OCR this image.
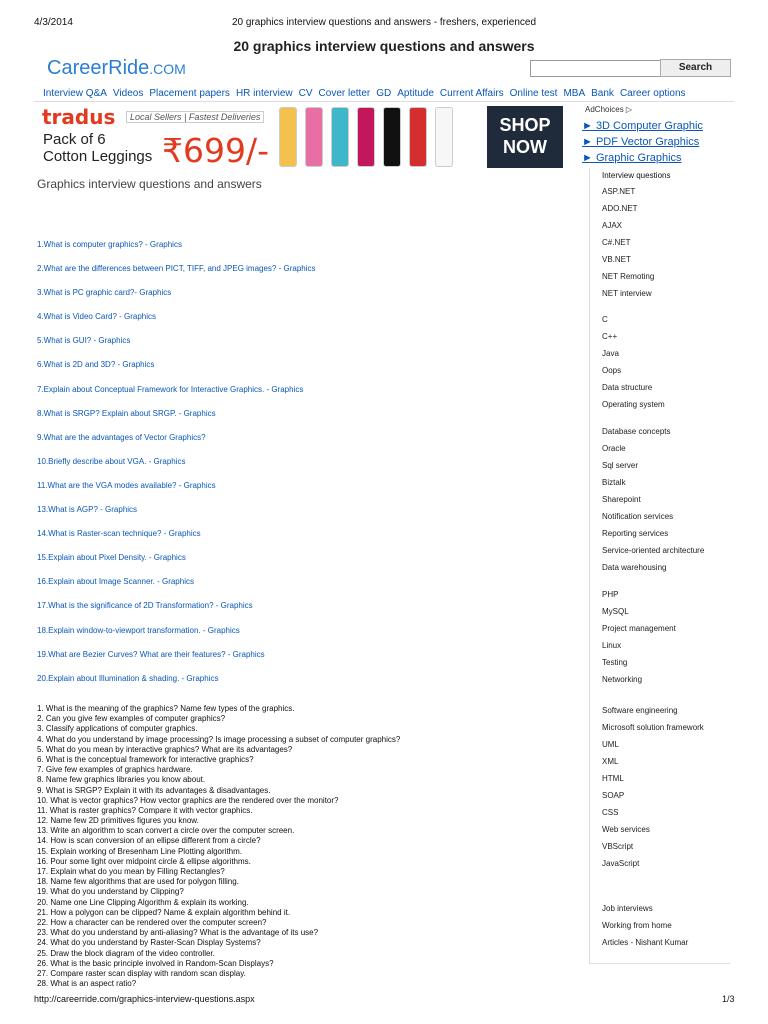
4/3/2014	20 graphics interview questions and answers - freshers, experienced
20 graphics interview questions and answers
CareerRide.COM	Search
Interview Q&A Videos Placement papers HR interview CV Cover letter GD Aptitude Current Affairs Online test MBA Bank Career options
tradus	Local Sellers | Fastest Deliveries
Pack of 6
Cotton Leggings ₹699/-
SHOP
NOW
AdChoices ▷
► 3D Computer Graphic
► PDF Vector Graphics
► Graphic Graphics
Graphics interview questions and answers
1.What is computer graphics? - Graphics
2.What are the differences between PICT, TIFF, and JPEG images? - Graphics
3.What is PC graphic card?- Graphics
4.What is Video Card? - Graphics
5.What is GUI? - Graphics
6.What is 2D and 3D? - Graphics
7.Explain about Conceptual Framework for Interactive Graphics. - Graphics
8.What is SRGP? Explain about SRGP. - Graphics
9.What are the advantages of Vector Graphics?
10.Briefly describe about VGA. - Graphics
11.What are the VGA modes available? - Graphics
13.What is AGP? - Graphics
14.What is Raster-scan technique? - Graphics
15.Explain about Pixel Density. - Graphics
16.Explain about Image Scanner. - Graphics
17.What is the significance of 2D Transformation? - Graphics
18.Explain window-to-viewport transformation. - Graphics
19.What are Bezier Curves? What are their features? - Graphics
20.Explain about Illumination & shading. - Graphics
1. What is the meaning of the graphics? Name few types of the graphics.
2. Can you give few examples of computer graphics?
3. Classify applications of computer graphics.
4. What do you understand by image processing? Is image processing a subset of computer graphics?
5. What do you mean by interactive graphics? What are its advantages?
6. What is the conceptual framework for interactive graphics?
7. Give few examples of graphics hardware.
8. Name few graphics libraries you know about.
9. What is SRGP? Explain it with its advantages & disadvantages.
10. What is vector graphics? How vector graphics are the rendered over the monitor?
11. What is raster graphics? Compare it with vector graphics.
12. Name few 2D primitives figures you know.
13. Write an algorithm to scan convert a circle over the computer screen.
14. How is scan conversion of an ellipse different from a circle?
15. Explain working of Bresenham Line Plotting algorithm.
16. Pour some light over midpoint circle & ellipse algorithms.
17. Explain what do you mean by Filling Rectangles?
18. Name few algorithms that are used for polygon filling.
19. What do you understand by Clipping?
20. Name one Line Clipping Algorithm & explain its working.
21. How a polygon can be clipped? Name & explain algorithm behind it.
22. How a character can be rendered over the computer screen?
23. What do you understand by anti-aliasing? What is the advantage of its use?
24. What do you understand by Raster-Scan Display Systems?
25. Draw the block diagram of the video controller.
26. What is the basic principle involved in Random-Scan Displays?
27. Compare raster scan display with random scan display.
28. What is an aspect ratio?
Interview questions
ASP.NET
ADO.NET
AJAX
C#.NET
VB.NET
NET Remoting
NET interview
C
C++
Java
Oops
Data structure
Operating system
Database concepts
Oracle
Sql server
Biztalk
Sharepoint
Notification services
Reporting services
Service-oriented architecture
Data warehousing
PHP
MySQL
Project management
Linux
Testing
Networking
Software engineering
Microsoft solution framework
UML
XML
HTML
SOAP
CSS
Web services
VBScript
JavaScript
Job interviews
Working from home
Articles - Nishant Kumar
http://careerride.com/graphics-interview-questions.aspx	1/3
